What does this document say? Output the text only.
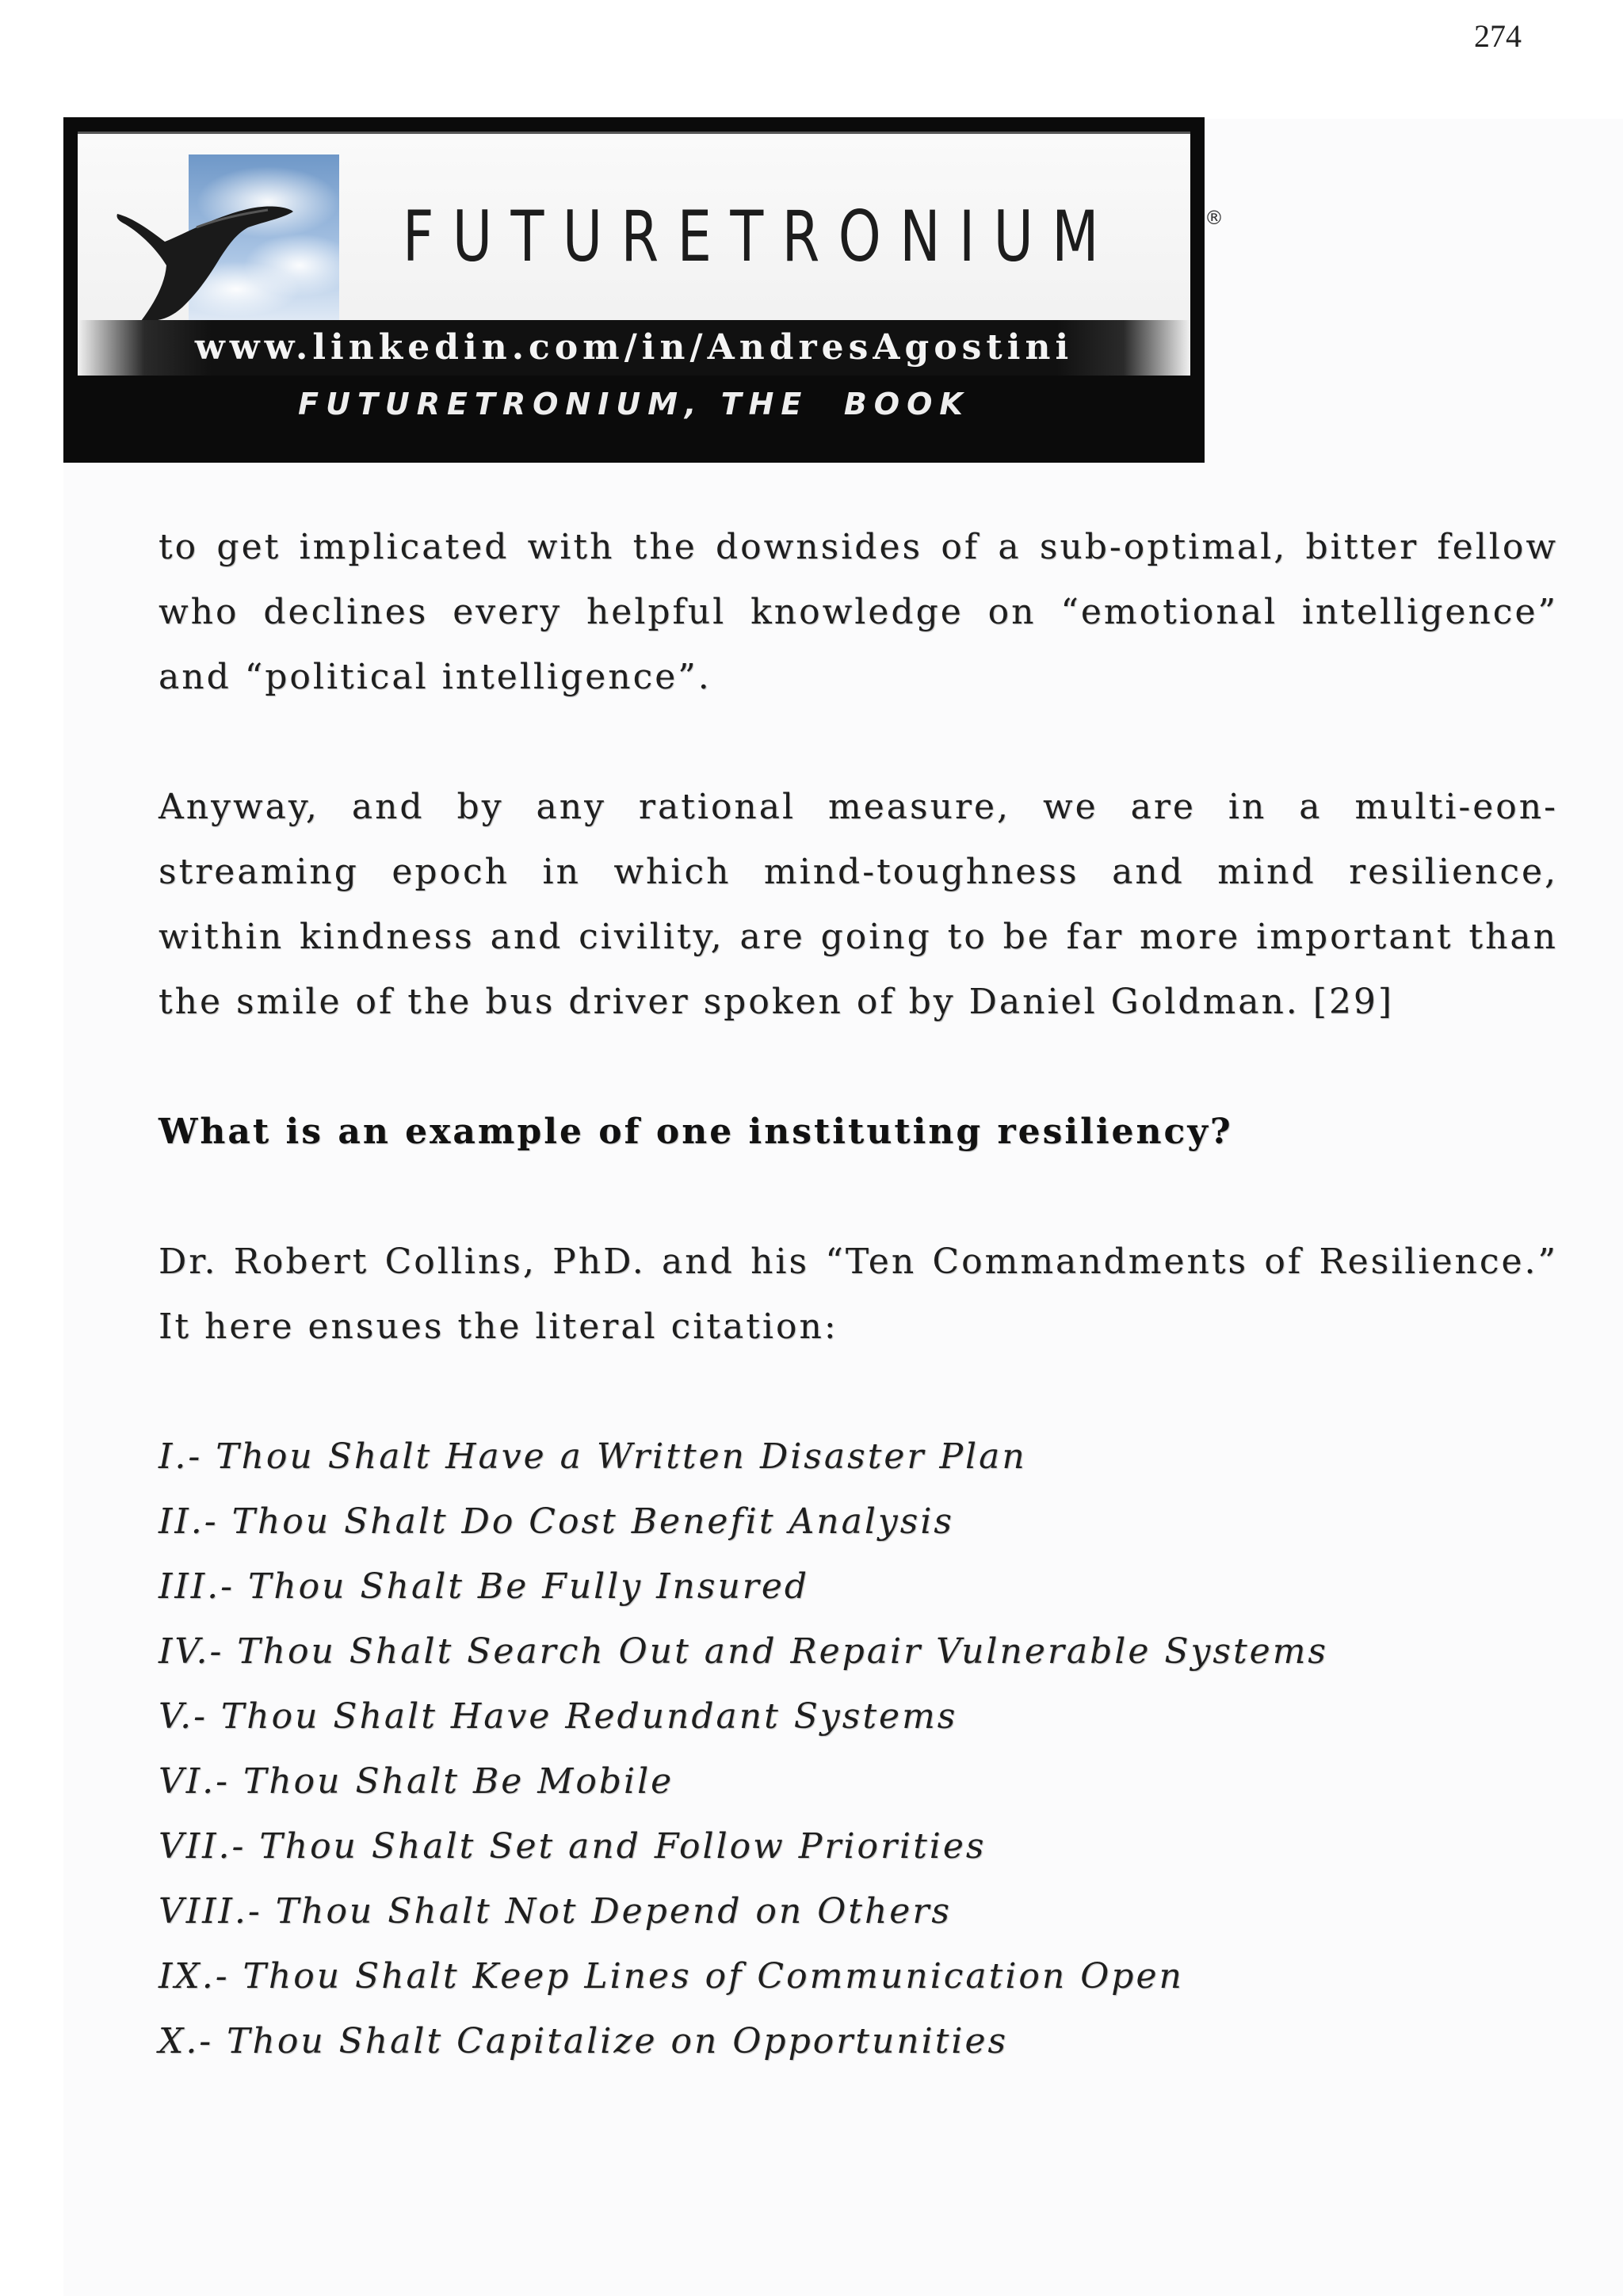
274
FUTURETRONIUM	®
www.linkedin.com/in/AndresAgostini
FUTURETRONIUM, THE  BOOK

to get implicated with the downsides of a sub-optimal, bitter fellow who declines every helpful knowledge on “emotional intelligence” and “political intelligence”.

Anyway, and by any rational measure, we are in a multi-eon-streaming epoch in which mind-toughness and mind resilience, within kindness and civility, are going to be far more important than the smile of the bus driver spoken of by Daniel Goldman. [29]

What is an example of one instituting resiliency?

Dr. Robert Collins, PhD. and his “Ten Commandments of Resilience.” It here ensues the literal citation:

I.- Thou Shalt Have a Written Disaster Plan
II.- Thou Shalt Do Cost Benefit Analysis
III.- Thou Shalt Be Fully Insured
IV.- Thou Shalt Search Out and Repair Vulnerable Systems
V.- Thou Shalt Have Redundant Systems
VI.- Thou Shalt Be Mobile
VII.- Thou Shalt Set and Follow Priorities
VIII.- Thou Shalt Not Depend on Others
IX.- Thou Shalt Keep Lines of Communication Open
X.- Thou Shalt Capitalize on Opportunities
